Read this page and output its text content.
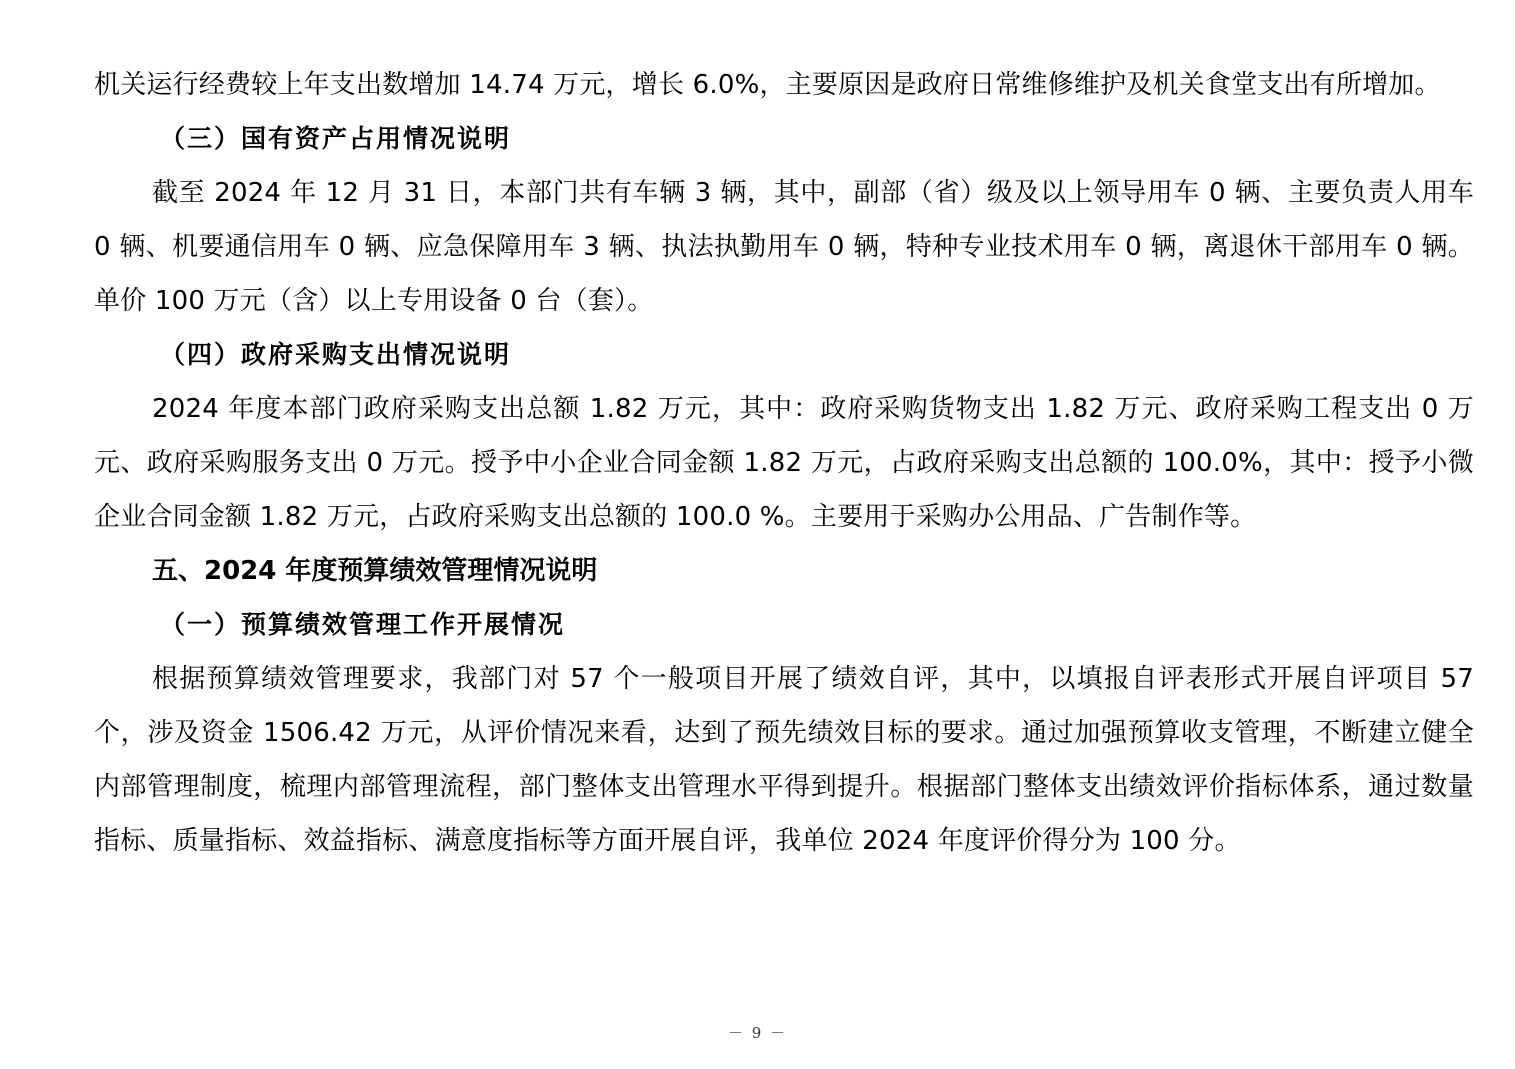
机关运行经费较上年支出数增加 14.74 万元，增长 6.0%，主要原因是政府日常维修维护及机关食堂支出有所增加。

（三）国有资产占用情况说明

截至 2024 年 12 月 31 日，本部门共有车辆 3 辆，其中，副部（省）级及以上领导用车 0 辆、主要负责人用车 0 辆、机要通信用车 0 辆、应急保障用车 3 辆、执法执勤用车 0 辆，特种专业技术用车 0 辆，离退休干部用车 0 辆。单价 100 万元（含）以上专用设备 0 台（套）。

（四）政府采购支出情况说明

2024 年度本部门政府采购支出总额 1.82 万元，其中：政府采购货物支出 1.82 万元、政府采购工程支出 0 万元、政府采购服务支出 0 万元。授予中小企业合同金额 1.82 万元，占政府采购支出总额的 100.0%，其中：授予小微企业合同金额 1.82 万元，占政府采购支出总额的 100.0 %。主要用于采购办公用品、广告制作等。

五、2024 年度预算绩效管理情况说明
（一）预算绩效管理工作开展情况

根据预算绩效管理要求，我部门对 57 个一般项目开展了绩效自评，其中，以填报自评表形式开展自评项目 57 个，涉及资金 1506.42 万元，从评价情况来看，达到了预先绩效目标的要求。通过加强预算收支管理，不断建立健全内部管理制度，梳理内部管理流程，部门整体支出管理水平得到提升。根据部门整体支出绩效评价指标体系，通过数量指标、质量指标、效益指标、满意度指标等方面开展自评，我单位 2024 年度评价得分为 100 分。

－ 9 －
